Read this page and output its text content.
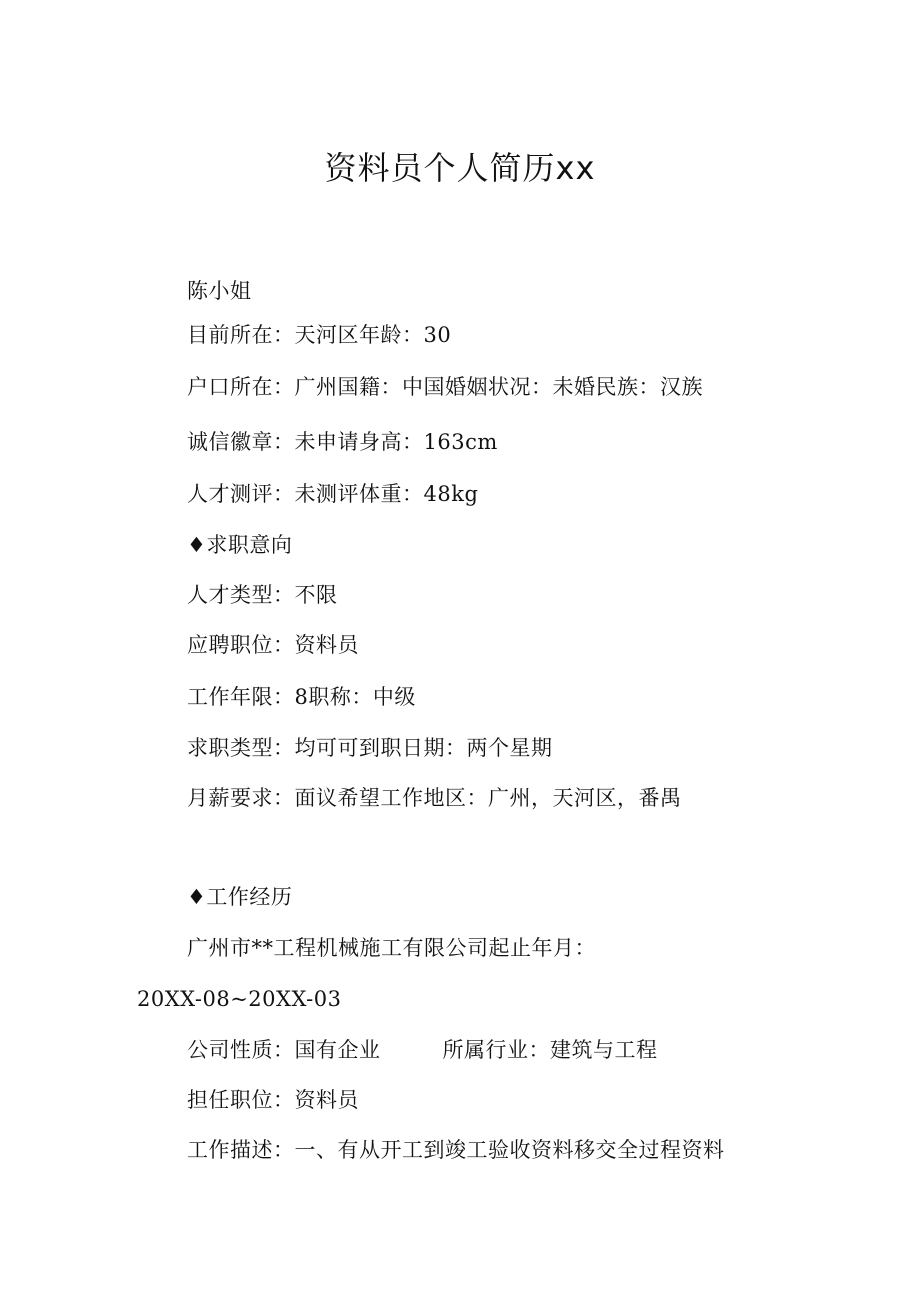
资料员个人简历xx
陈小姐
目前所在：天河区年龄：30
户口所在：广州国籍：中国婚姻状况：未婚民族：汉族
诚信徽章：未申请身高：163cm
人才测评：未测评体重：48kg
♦求职意向
人才类型：不限
应聘职位：资料员
工作年限：8职称：中级
求职类型：均可可到职日期：两个星期
月薪要求：面议希望工作地区：广州，天河区，番禺
♦工作经历
广州市**工程机械施工有限公司起止年月：
20XX-08~20XX-03
公司性质：国有企业	所属行业：建筑与工程
担任职位：资料员
工作描述：一、有从开工到竣工验收资料移交全过程资料
